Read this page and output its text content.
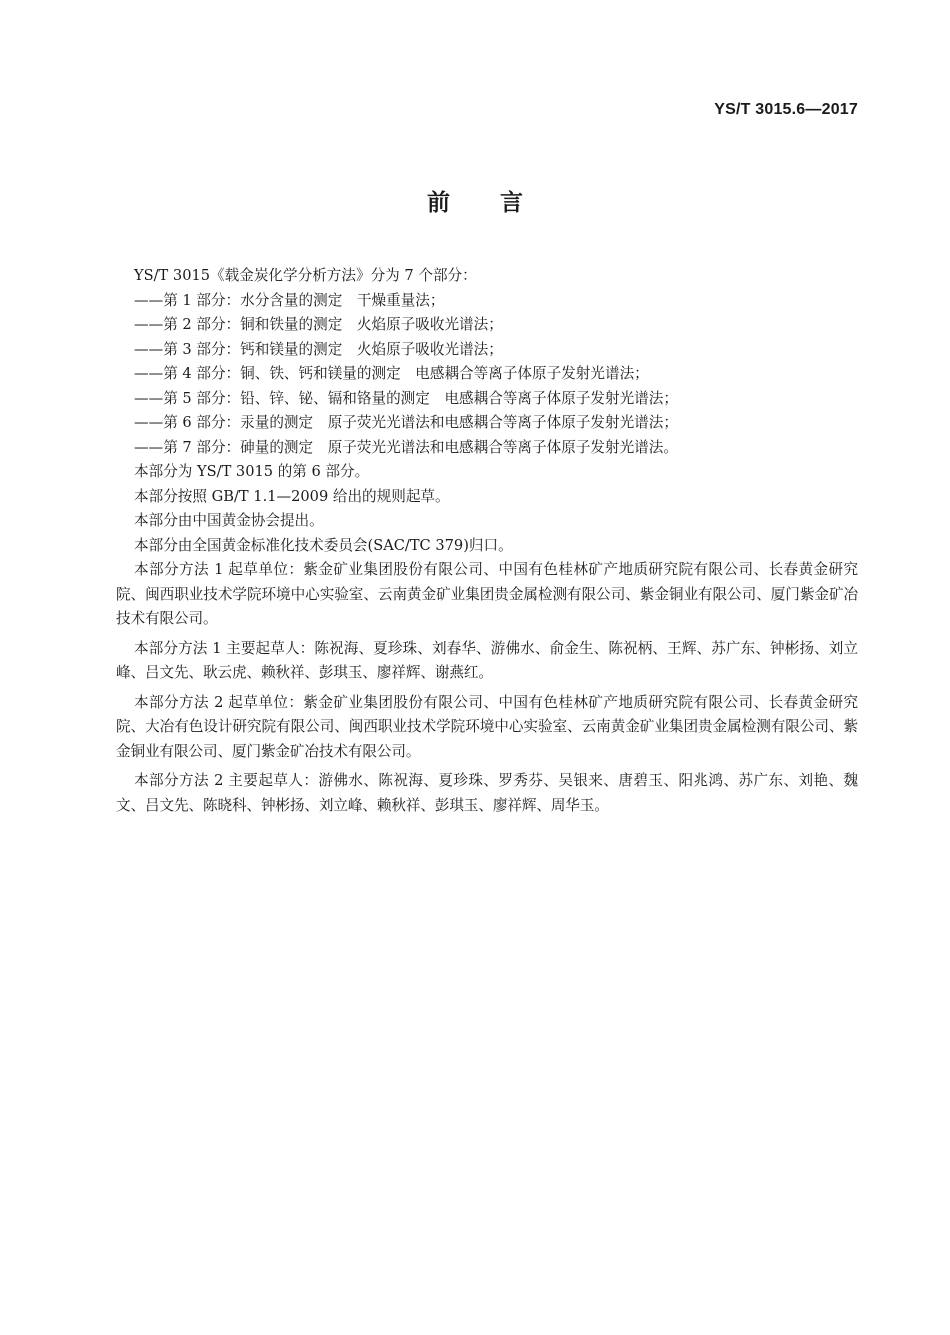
YS/T 3015.6—2017
前言

YS/T 3015《载金炭化学分析方法》分为 7 个部分：

——第 1 部分：水分含量的测定　干燥重量法；

——第 2 部分：铜和铁量的测定　火焰原子吸收光谱法；

——第 3 部分：钙和镁量的测定　火焰原子吸收光谱法；

——第 4 部分：铜、铁、钙和镁量的测定　电感耦合等离子体原子发射光谱法；

——第 5 部分：铅、锌、铋、镉和铬量的测定　电感耦合等离子体原子发射光谱法；

——第 6 部分：汞量的测定　原子荧光光谱法和电感耦合等离子体原子发射光谱法；

——第 7 部分：砷量的测定　原子荧光光谱法和电感耦合等离子体原子发射光谱法。

本部分为 YS/T 3015 的第 6 部分。

本部分按照 GB/T 1.1—2009 给出的规则起草。

本部分由中国黄金协会提出。

本部分由全国黄金标准化技术委员会(SAC/TC 379)归口。

本部分方法 1 起草单位：紫金矿业集团股份有限公司、中国有色桂林矿产地质研究院有限公司、长春黄金研究院、闽西职业技术学院环境中心实验室、云南黄金矿业集团贵金属检测有限公司、紫金铜业有限公司、厦门紫金矿冶技术有限公司。

本部分方法 1 主要起草人：陈祝海、夏珍珠、刘春华、游佛水、俞金生、陈祝柄、王辉、苏广东、钟彬扬、刘立峰、吕文先、耿云虎、赖秋祥、彭琪玉、廖祥辉、谢燕红。

本部分方法 2 起草单位：紫金矿业集团股份有限公司、中国有色桂林矿产地质研究院有限公司、长春黄金研究院、大冶有色设计研究院有限公司、闽西职业技术学院环境中心实验室、云南黄金矿业集团贵金属检测有限公司、紫金铜业有限公司、厦门紫金矿冶技术有限公司。

本部分方法 2 主要起草人：游佛水、陈祝海、夏珍珠、罗秀芬、吴银来、唐碧玉、阳兆鸿、苏广东、刘艳、魏文、吕文先、陈晓科、钟彬扬、刘立峰、赖秋祥、彭琪玉、廖祥辉、周华玉。
